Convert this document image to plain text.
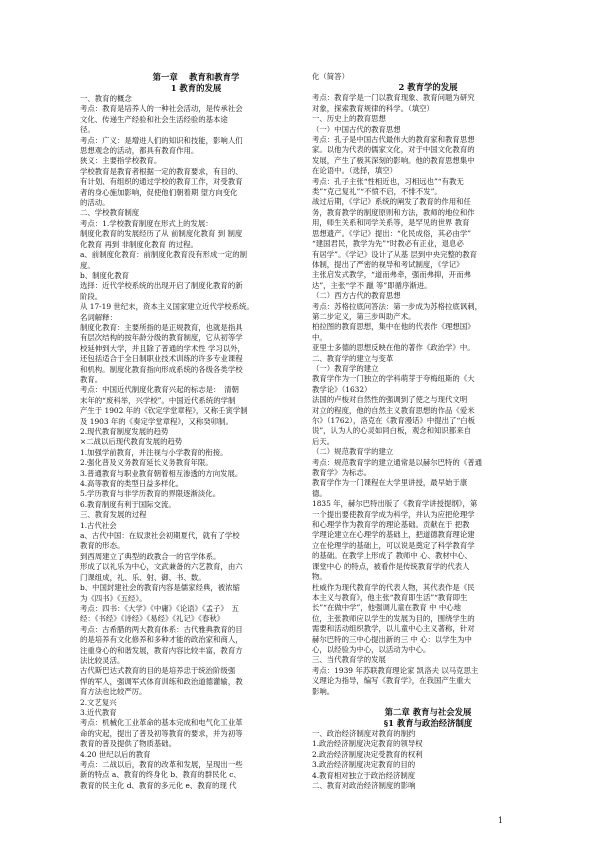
第一章　 教育和教育学
1 教育的发展
一、教育的概念
考点：教育是培养人的一种社会活动，是传承社会
文化、传递生产经验和社会生活经验的基本途
径。
考点：广义：是增进人们的知识和技能，影响人们
思想观念的活动，都具有教育作用。
狭义：主要指学校教育。
学校教育是教育者根据一定的教育要求，有目的、
有计划、有组织的通过学校的教育工作，对受教育
者的身心施加影响，促使他们朝着期 望方向变化
的活动。
二、学校教育制度
考点：1.学校教育制度在形式上的发展：
制度化教育的发展经历了从 前制度化教育 到 制度
化教育 再到 非制度化教育 的过程。
a、前制度化教育：前制度化教育没有形成一定的制
度。
b、制度化教育
选择：近代学校系统的出现开启了制度化教育的新
阶段。
从 17-19 世纪末，资本主义国家建立近代学校系统。
名词解释：
制度化教育：主要所指的是正规教育，也就是指具
有层次结构的按年龄分级的教育制度，它从初等学
校延伸到大学，并且除了普通的学术性 学习以外，
还包括适合于全日制职业技术训练的许多专业课程
和机构。制度化教育指向形成系统的各级各类学校
教育。
考点：中国近代制度化教育兴起的标志是：　清朝
末年的“废科举，兴学校”。中国近代系统的学制
产生于 1902 年的《钦定学堂章程》，又称壬寅学制
及 1903 年的《奏定学堂章程》，又称癸卯制。
2.现代教育制度发展的趋势
×二战以后现代教育发展的趋势
1.加强学前教育，并注视与小学教育的衔接。
2.强化普及义务教育延长义务教育年限。
3.普通教育与职业教育朝着相互渗透的方向发展。
4.高等教育的类型日益多样化。
5.学历教育与非学历教育的界限逐渐淡化。
6.教育制度有利于国际交流。
三、教育发展的过程
1.古代社会
a、古代中国：在奴隶社会初期夏代，就有了学校
教育的形态。
到西周建立了典型的政教合一的官学体系。
形成了以礼乐为中心，文武兼备的六艺教育，由六
门课组成，礼、乐、射、御、书、数。
b、中国封建社会的教育内容是儒家经典，被浓缩
为《四书》《五经》。
考点：四书：《大学》《中庸》《论语》《孟子》　五
经：《书经》《诗经》《易经》《礼记》《春秋》
考点：古希腊的两大教育体系：古代雅典教育的目
的是培养有文化修养和多种才能的政治家和商人，
注重身心的和谐发展，教育内容比较丰富，教育方
法比较灵活。
古代斯巴达式教育的目的是培养忠于统治阶级强
悍的军人，强调军式体育训练和政治道德灌输，教
育方法也比较严厉。
2.文艺复兴
3.近代教育
考点：机械化工业革命的基本完成和电气化工业革
命的灾起，提出了普及初等教育的要求，并为初等
教育的普及提供了物质基础。
4.20 世纪以后的教育
考点：二战以后，教育的改革和发展，呈现出一些
新的特点 a、教育的终身化 b、教育的群民化 c、
教育的民主化 d、教育的多元化 e、教育的现 代
化（简答）
2 教育学的发展
考点：教育学是一门以教育现象、教育问题为研究
对象，探索教育规律的科学。（填空）
一、历史上的教育思想
（一）中国古代的教育思想
考点：孔子是中国古代最伟大的教育家和教育思想
家。以他为代表的儒家文化，对于中国文化教育的
发展，产生了极其深刻的影响。他的教育思想集中
在论语中。（选择，填空）
考点：孔子主张“性相近也，习相远也”“有教无
类”“克己复礼”“不愤不启，不悱不发”。
战过后期，《学记》系统的阐发了教育的作用和任
务，教育教学的制度原则和方法，教师的地位和作
用，师生关系和同学关系等，是罕见的世界 教育
思想遗产。《学记》提出：“化民成俗，其必由学”
“建国君民，教学为先”“时教必有正业，退息必
有居学”。《学记》设计了从基 层到中央完整的教育
体制，提出了严密的视导和考试制度，《学记》
主张启发式教学，“道而弗牵，强而弗抑，开而弗
达”，主张“学不 躐 等”即循序渐进。
（二）西方古代的教育思想
考点：苏格拉底问答法：第一步成为苏格拉底讽刺，
第二步定义，第三步叫助产术。
柏拉图的教育思想，集中在他的代表作《理想国》
中。
亚里士多德的思想反映在他的著作《政治学》中。
二、教育学的建立与变革
（一）教育学的建立
教育学作为一门独立的学科萌芽于夸梅纽斯的《大
教学论》（1632）
法国的卢梭对自然性的强调到了使之与现代文明
对立的程度，他的自然主义教育思想的作品《爱米
尔》（1762），洛克在《教育漫话》中提出了“白板
说”，认为人的心灵如同白板，观念和知识都来自
后天。
（二）规范教育学的建立
考点：规范教育学的建立通常是以赫尔巴特的《普通
教育学》为标志。
教育学作为一门课程在大学里讲授，最早始于康
德。
1835 年，赫尔巴特出版了《教育学讲授提纲》，第
一个提出要使教育学成为科学，并认为应把伦理学
和心理学作为教育学的理论基础。贡献在于 把教
学理论建立在心理学的基础上，把道德教育理论建
立在伦理学的基础上，可以说是奠定了科学教育学
的基础。在教学上形成了 教师中 心、教材中心、
课堂中心 的特点，被看作是传统教育学的代表人
物。
杜威作为现代教育学的代表人物，其代表作是《民
本主义与教育》，他主张“教育即生活”“教育即生
长”“在做中学”，他强调儿童在教育 中 中心地
位，主张教师应以学生的发展为目的，围绕学生的
需要和活动组织教学，以儿童中心主义著称，针对
赫尔巴特的三中心提出新的三 中 心：以学生为中
心，以经验为中心，以活动为中心。
三、当代教育学的发展
考点：1939 年苏联教育理论家 凯洛夫 以马克思主
义理论为指导，编写《教育学》，在我国产生重大
影响。
第二章 教育与社会发展
§1 教育与政治经济制度
一、政治经济制度对教育的制约
1.政治经济制度决定教育的领导权
2.政治经济制度决定受教育的权利
3.政治经济制度决定教育的目的
4.教育相对独立于政治经济制度
二、教育对政治经济制度的影响
1
